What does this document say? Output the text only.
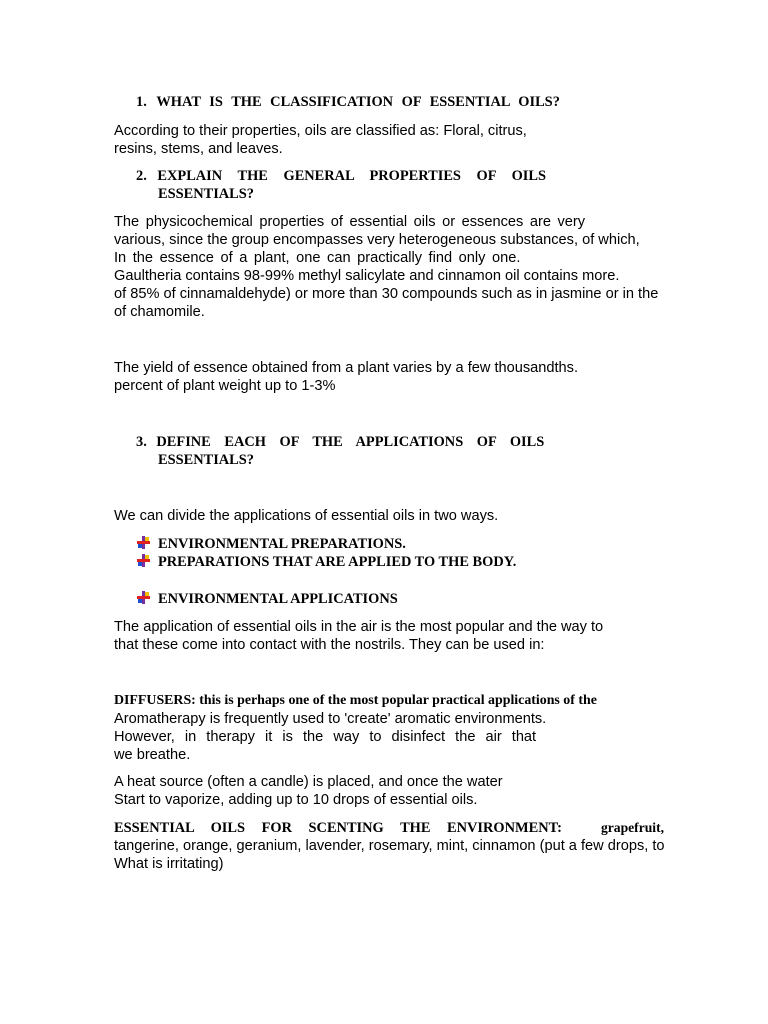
1. WHAT IS THE CLASSIFICATION OF ESSENTIAL OILS?
According to their properties, oils are classified as: Floral, citrus,
resins, stems, and leaves.
2. EXPLAIN THE GENERAL PROPERTIES OF OILS
ESSENTIALS?
The physicochemical properties of essential oils or essences are very
various, since the group encompasses very heterogeneous substances, of which,
In the essence of a plant, one can practically find only one.
Gaultheria contains 98-99% methyl salicylate and cinnamon oil contains more.
of 85% of cinnamaldehyde) or more than 30 compounds such as in jasmine or in the
of chamomile.
The yield of essence obtained from a plant varies by a few thousandths.
percent of plant weight up to 1-3%
3. DEFINE EACH OF THE APPLICATIONS OF OILS
ESSENTIALS?
We can divide the applications of essential oils in two ways.
ENVIRONMENTAL PREPARATIONS.
PREPARATIONS THAT ARE APPLIED TO THE BODY.
ENVIRONMENTAL APPLICATIONS
The application of essential oils in the air is the most popular and the way to
that these come into contact with the nostrils. They can be used in:
DIFFUSERS: this is perhaps one of the most popular practical applications of the
Aromatherapy is frequently used to 'create' aromatic environments.
However, in therapy it is the way to disinfect the air that
we breathe.
A heat source (often a candle) is placed, and once the water
Start to vaporize, adding up to 10 drops of essential oils.
ESSENTIAL OILS FOR SCENTING THE ENVIRONMENT:	grapefruit,
tangerine, orange, geranium, lavender, rosemary, mint, cinnamon (put a few drops, to
What is irritating)
